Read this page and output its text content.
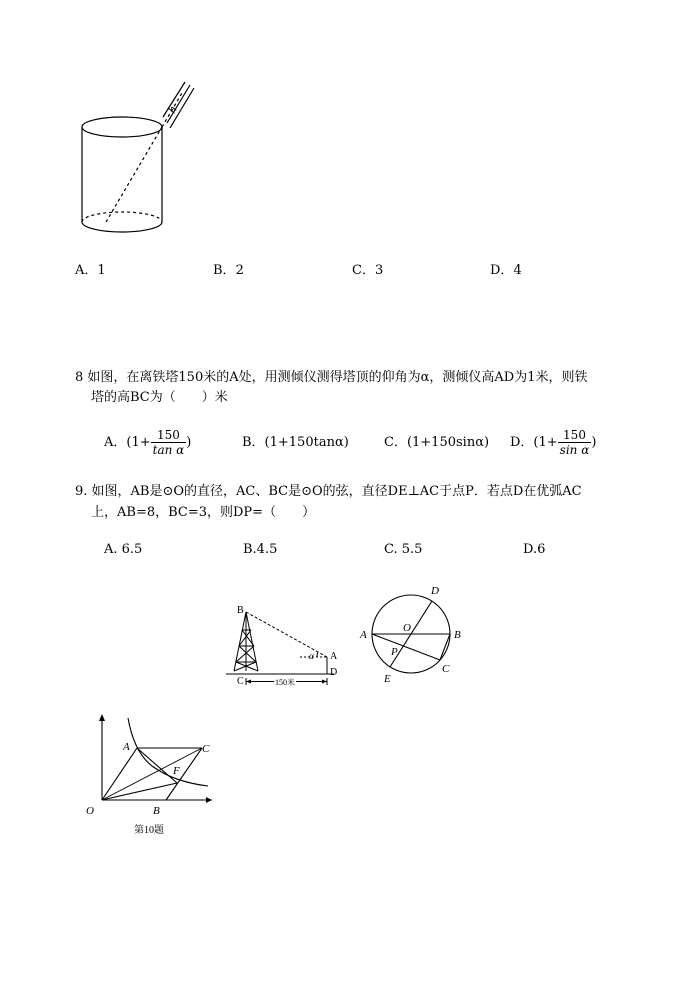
h
A．1	B．2	C．3	D．4
8 如图，在离铁塔150米的A处，用测倾仪测得塔顶的仰角为α，测倾仪高AD为1米，则铁
塔的高BC为（　　）米
A．($1+ \frac{150}{\text{tan α}}$ )	B．(1+150tanα)	C．(1+150sinα) D．($1+ \frac{150}{\text{sin α}}$ )
9. 如图，AB是⊙O的直径，AC、BC是⊙O的弦，直径DE⊥AC于点P．若点D在优弧AC
上，AB=8，BC=3，则DP=（　　）
A. 6.5	B.4.5	C. 5.5	D.6
B
C
A
D
α
150米
D
O
A	B
P
C
E
A	C
F
O	B
第10题
